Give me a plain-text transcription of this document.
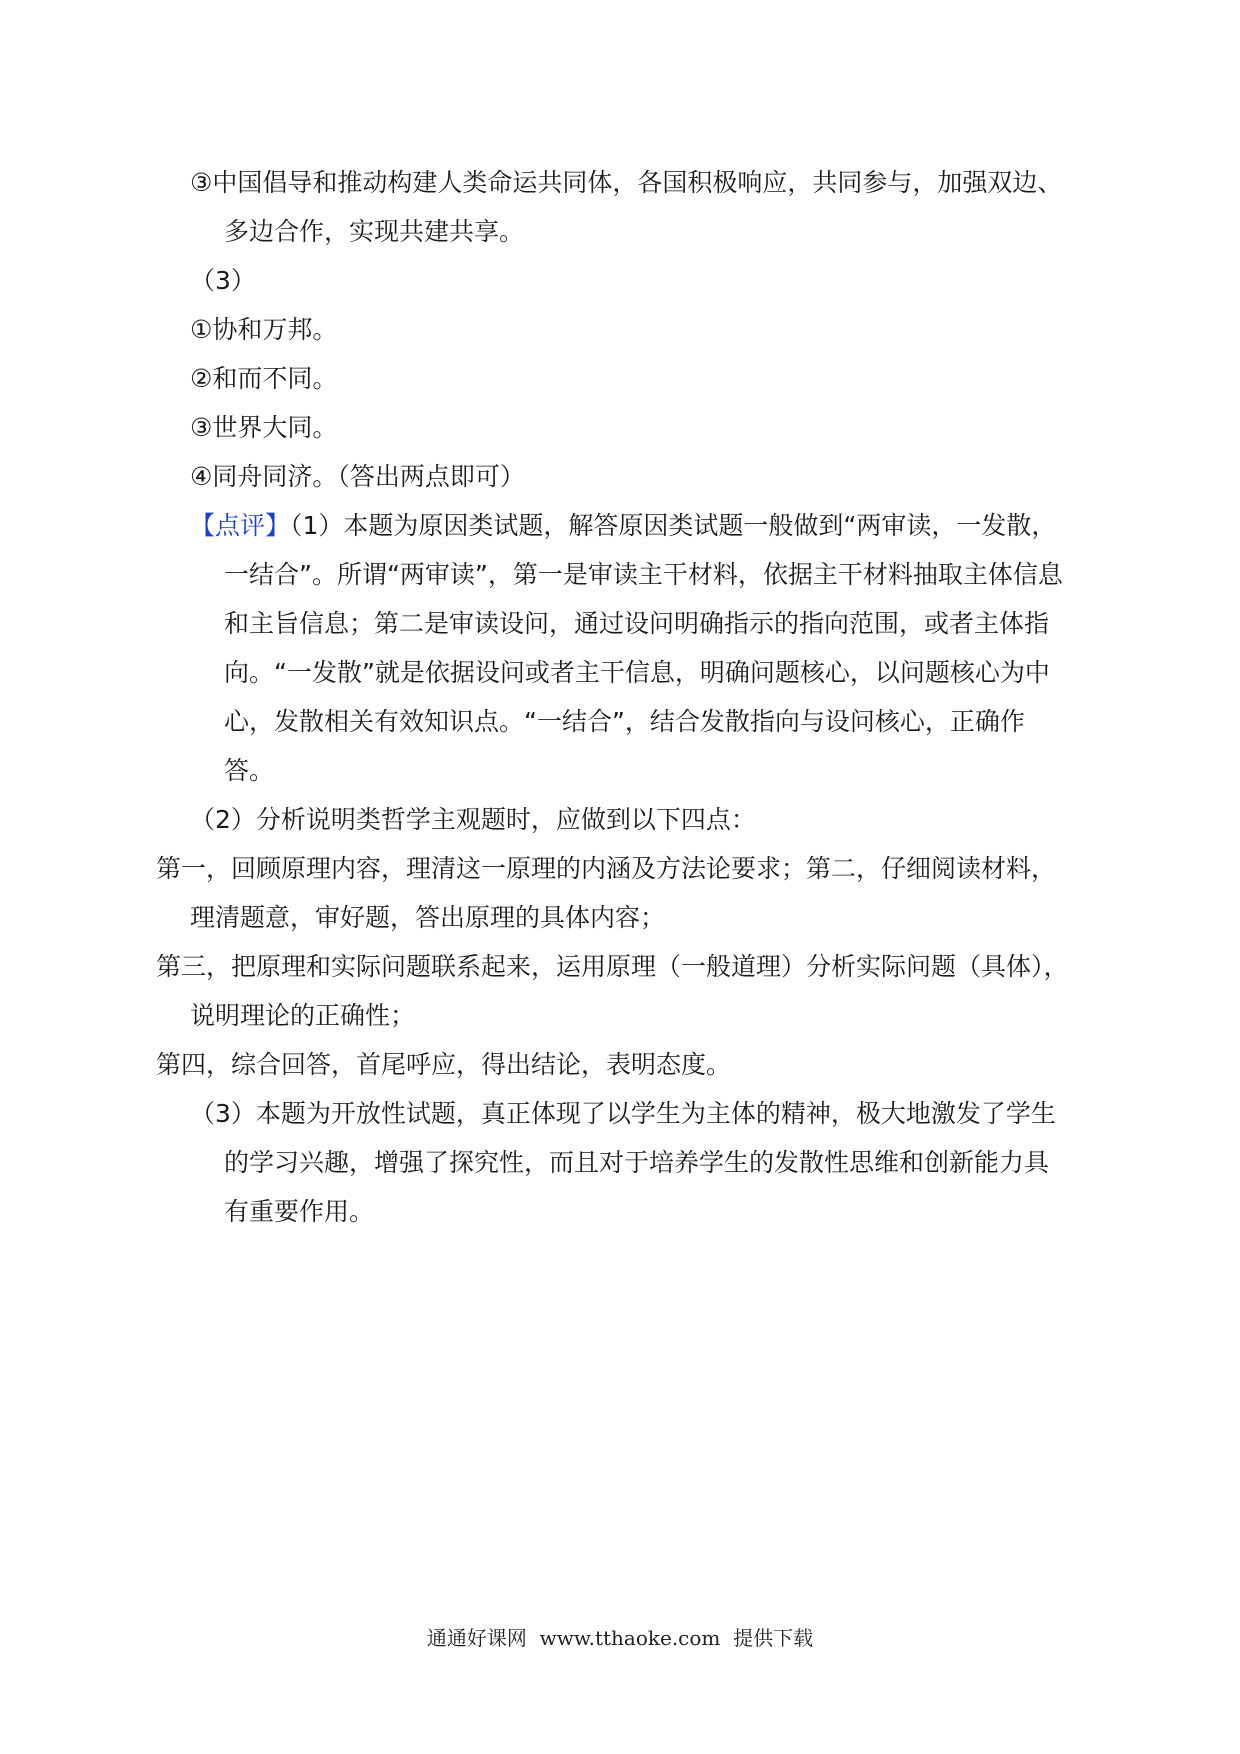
③中国倡导和推动构建人类命运共同体，各国积极响应，共同参与，加强双边、多边合作，实现共建共享。

（3）

①协和万邦。

②和而不同。

③世界大同。

④同舟同济。（答出两点即可）

【点评】（1）本题为原因类试题，解答原因类试题一般做到“两审读，一发散，一结合”。所谓“两审读”，第一是审读主干材料，依据主干材料抽取主体信息和主旨信息；第二是审读设问，通过设问明确指示的指向范围，或者主体指向。“一发散”就是依据设问或者主干信息，明确问题核心，以问题核心为中心，发散相关有效知识点。“一结合”，结合发散指向与设问核心，正确作答。

（2）分析说明类哲学主观题时，应做到以下四点：

第一，回顾原理内容，理清这一原理的内涵及方法论要求；第二，仔细阅读材料，理清题意，审好题，答出原理的具体内容；

第三，把原理和实际问题联系起来，运用原理（一般道理）分析实际问题（具体），说明理论的正确性；

第四，综合回答，首尾呼应，得出结论，表明态度。

（3）本题为开放性试题，真正体现了以学生为主体的精神，极大地激发了学生的学习兴趣，增强了探究性，而且对于培养学生的发散性思维和创新能力具有重要作用。

通通好课网  www.tthaoke.com  提供下载
